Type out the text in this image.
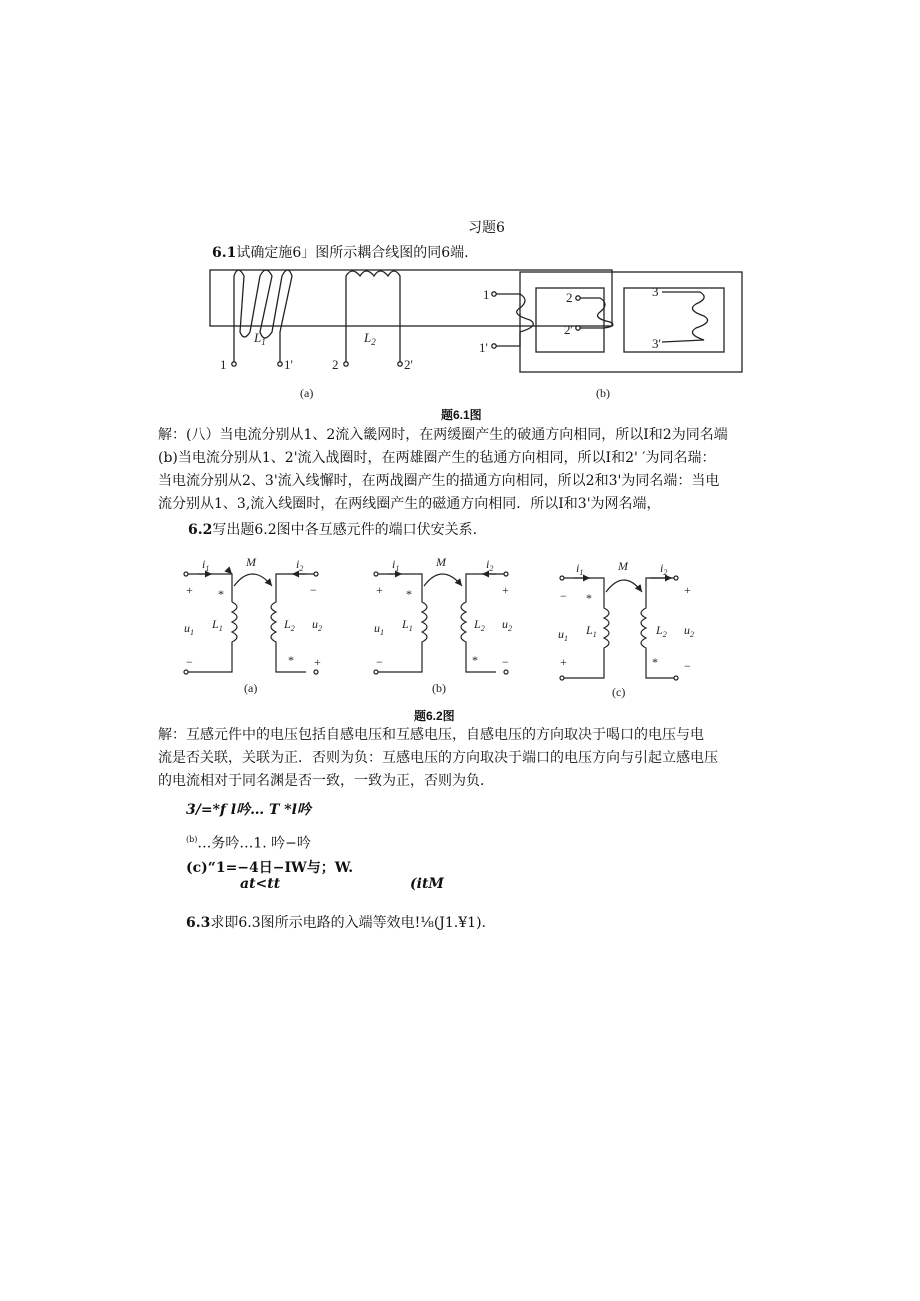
习题6
6.1试确定施6」图所示耦合线图的同6端.
$L_1$	$L_2$
1	1'	2	2'
(a)
1
1'
2
2'
3
3'
(b)
题6.1图
解：(八）当电流分别从1、2流入畿网时，在两缓圈产生的破通方向相同，所以I和2为同名端
(b)当电流分别从1、2'流入战圈时，在两雄圈产生的毡通方向相同，所以I和2' ′为同名瑞：
当电流分别从2、3'流入线懈时，在两战圈产生的描通方向相同，所以2和3'为同名端：当电
流分别从1、3,流入线圈时，在两线圈产生的磁通方向相同．所以I和3'为网名端，
6.2写出题6.2图中各互感元件的端口伏安关系.
$i_1$	$i_2$
M
+
−
−
+
*
*
$u_1$
$L_1$	$L_2$ $u_2$
(a)
$i_1$	$i_2$
M
+
−
+
−
*
*
$u_1$
$L_1$	$L_2$ $u_2$
(b)
$i_1$	$i_2$
M
−
+
+
−
*
*
$u_1$
$L_1$	$L_2$ $u_2$
(c)
题6.2图
解：互感元件中的电压包括自感电压和互感电压，自感电压的方向取决于喝口的电压与电
流是否关联，关联为正．否则为负：互感电压的方向取决于端口的电压方向与引起立感电压
的电流相对于同名渊是否一致，一致为正，否则为负．
3/=*f l吟… T *l吟
$^{(b)}$…务吟…1. 吟−吟
(c)“1=−4日−IW与；W.
at<tt	(itM
6.3求即6.3图所示电路的入端等效电!⅛(J1.¥1).
